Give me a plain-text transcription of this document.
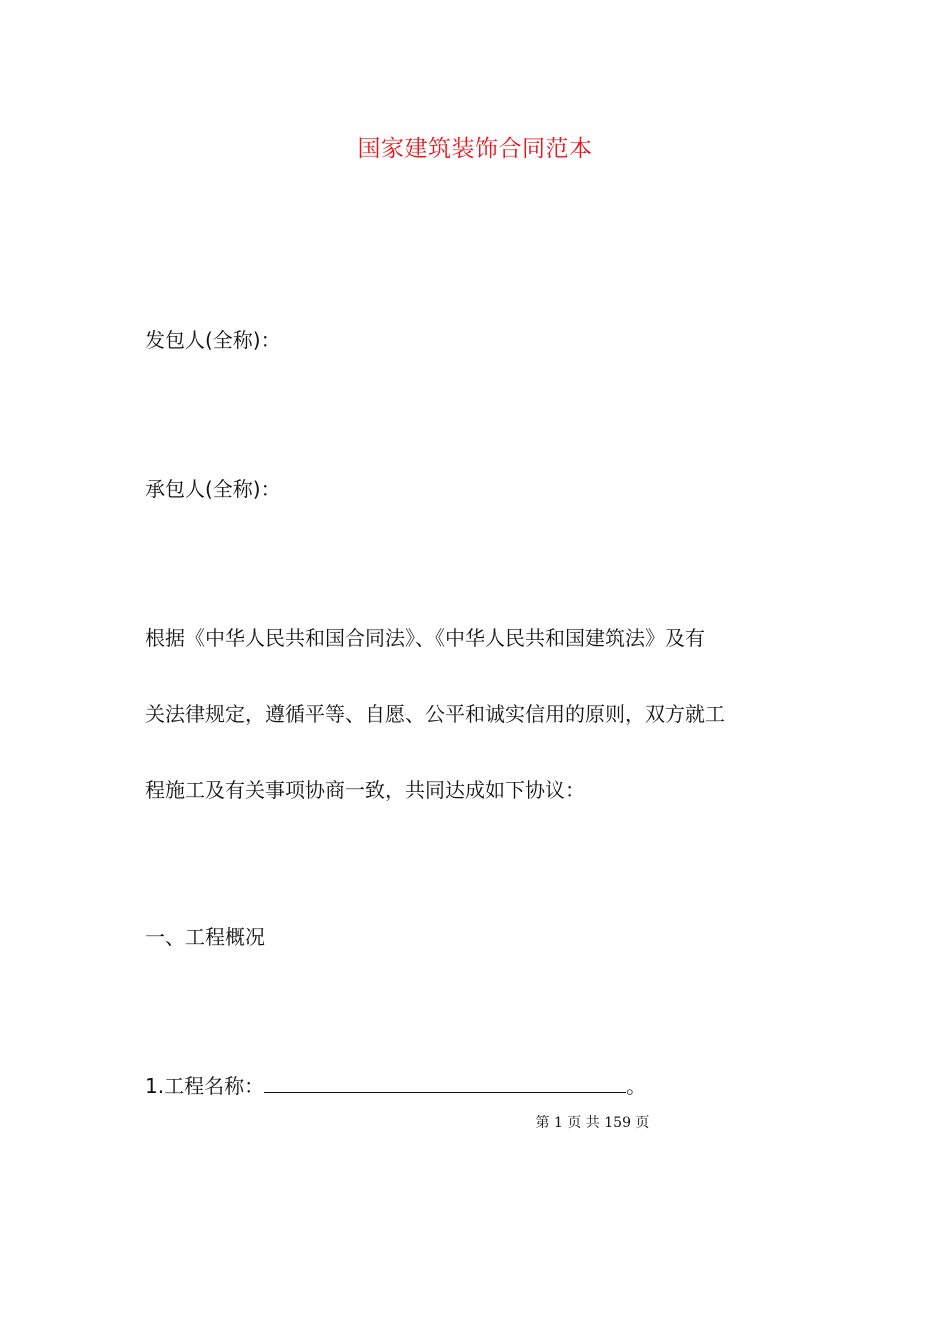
国家建筑装饰合同范本
发包人(全称)：
承包人(全称)：
根据《中华人民共和国合同法》、《中华人民共和国建筑法》及有
关法律规定，遵循平等、自愿、公平和诚实信用的原则，双方就工
程施工及有关事项协商一致，共同达成如下协议：
一、工程概况
1.工程名称：	。
第 1 页 共 159 页
